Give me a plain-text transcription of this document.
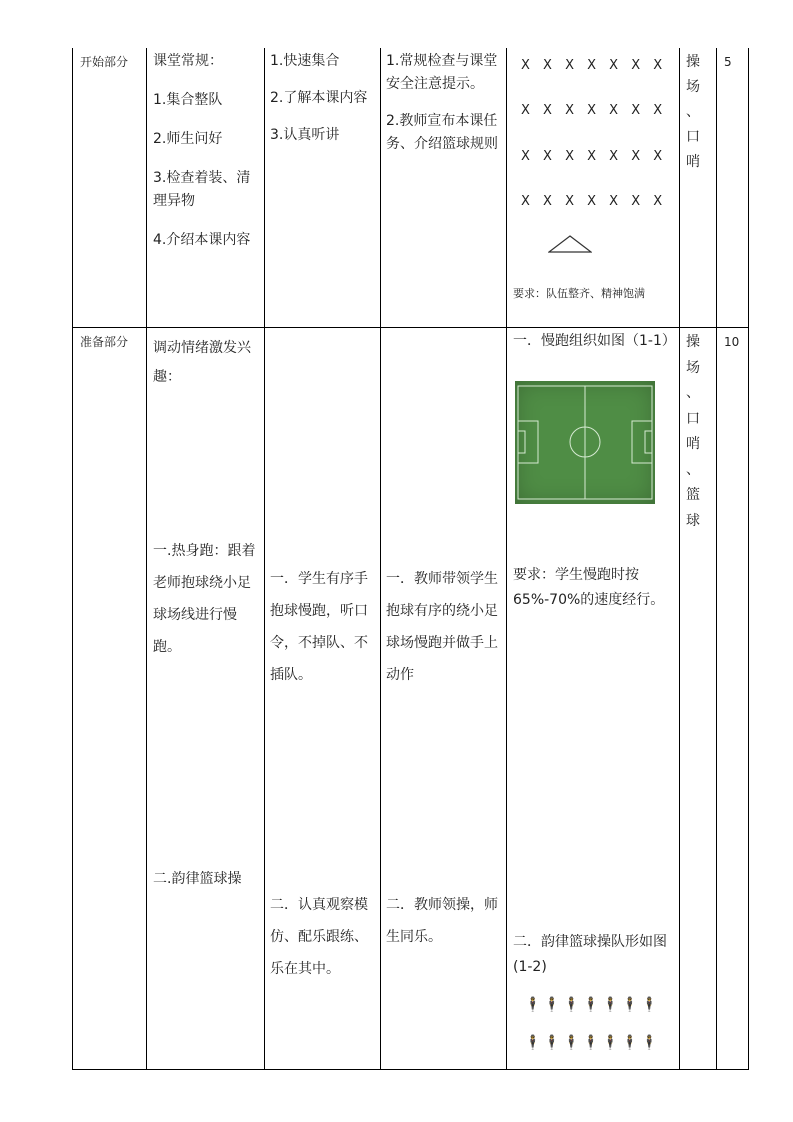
开始部分 课堂常规：

1.集合整队

2.师生问好

3.检查着装、清理异物

4.介绍本课内容

1.快速集合

2.了解本课内容

3.认真听讲

1.常规检查与课堂安全注意提示。

2.教师宣布本课任务、介绍篮球规则

X X X X X X X
X X X X X X X
X X X X X X X
X X X X X X X
要求：队伍整齐、精神饱满
操
场
、
口
哨
5
准备部分 调动情绪激发兴趣：
一.热身跑：跟着老师抱球绕小足球场线进行慢跑。
二.韵律篮球操
一．学生有序手抱球慢跑，听口令，不掉队、不插队。
二．认真观察模仿、配乐跟练、乐在其中。
一．教师带领学生抱球有序的绕小足球场慢跑并做手上动作
二．教师领操，师生同乐。
一．慢跑组织如图（1-1）
要求：学生慢跑时按65%-70%的速度经行。
二．韵律篮球操队形如图(1-2)
🕴🕴🕴🕴🕴🕴🕴
🕴🕴🕴🕴🕴🕴🕴
操
场
、
口
哨
、
篮
球
10
